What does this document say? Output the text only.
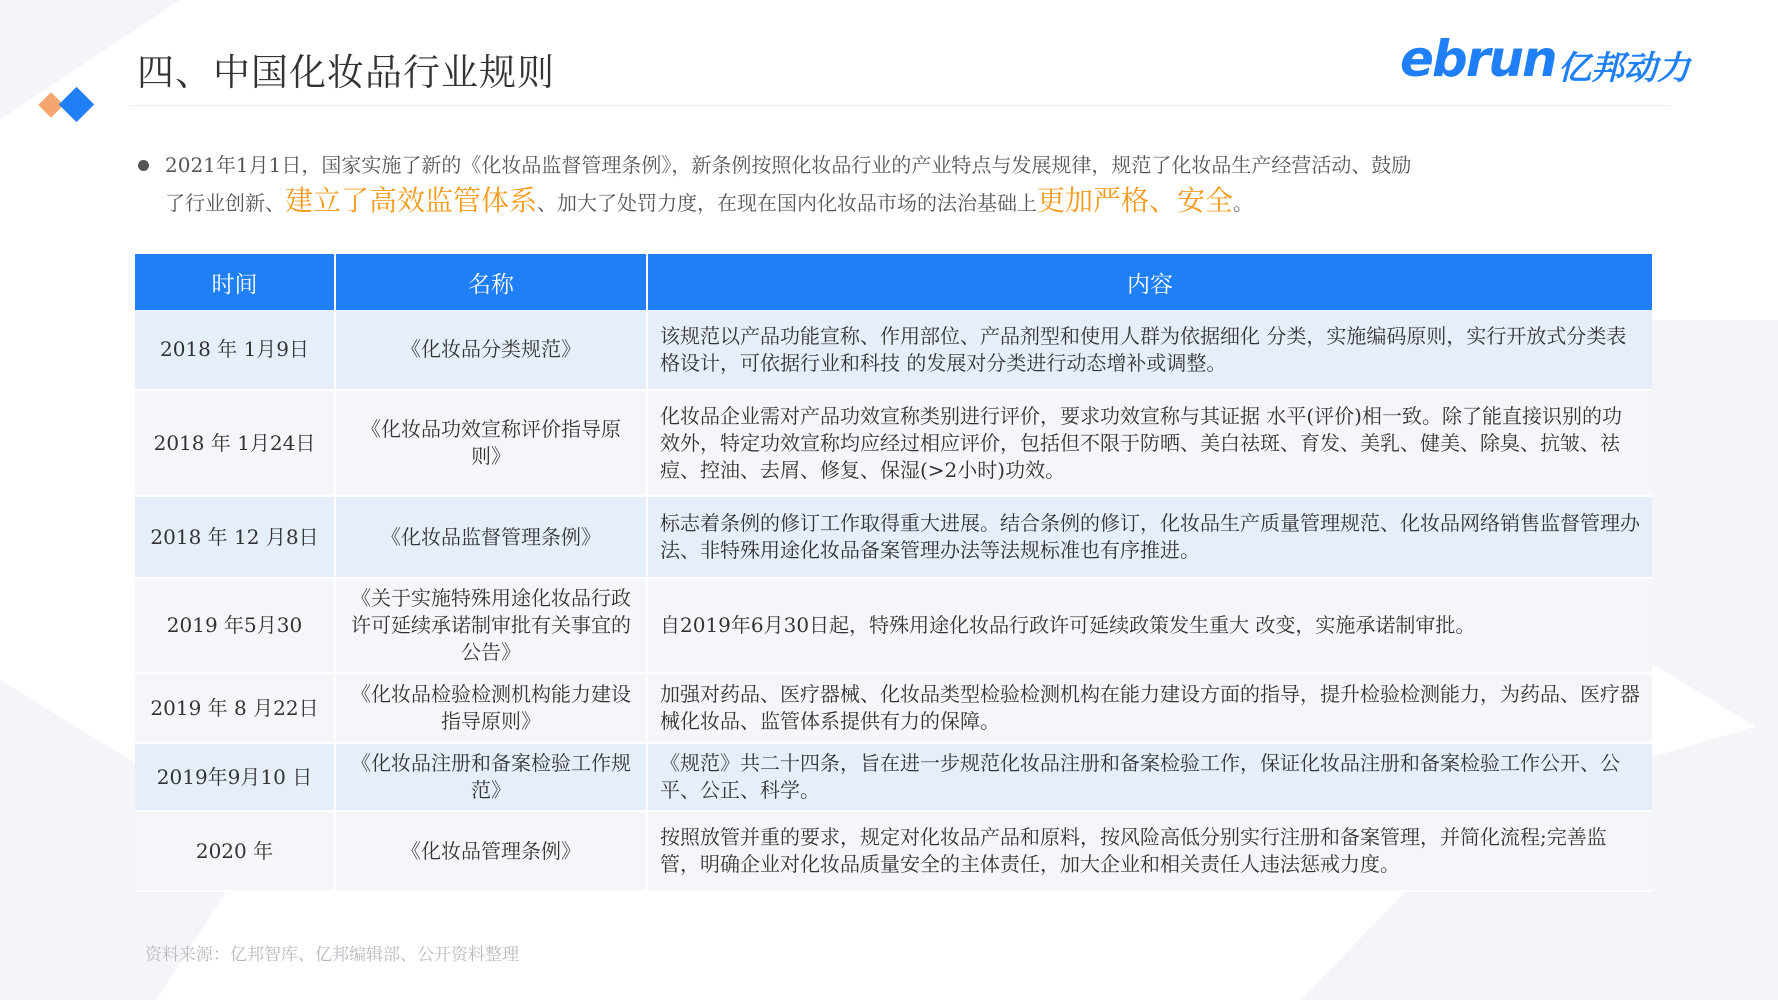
四、中国化妆品行业规则	ebrun 亿邦动力
2021年1月1日，国家实施了新的《化妆品监督管理条例》，新条例按照化妆品行业的产业特点与发展规律，规范了化妆品生产经营活动、鼓励
了行业创新、建立了高效监管体系、加大了处罚力度，在现在国内化妆品市场的法治基础上更加严格、安全。
时间	名称	内容
2018 年 1月9日	《化妆品分类规范》	该规范以产品功能宣称、作用部位、产品剂型和使用人群为依据细化 分类，实施编码原则，实行开放式分类表格设计，可依据行业和科技 的发展对分类进行动态增补或调整。
2018 年 1月24日	《化妆品功效宣称评价指导原则》	化妆品企业需对产品功效宣称类别进行评价，要求功效宣称与其证据 水平(评价)相一致。除了能直接识别的功效外，特定功效宣称均应经过相应评价，包括但不限于防晒、美白祛斑、育发、美乳、健美、除臭、抗皱、祛痘、控油、去屑、修复、保湿(>2小时)功效。
2018 年 12 月8日	《化妆品监督管理条例》	标志着条例的修订工作取得重大进展。结合条例的修订，化妆品生产质量管理规范、化妆品网络销售监督管理办法、非特殊用途化妆品备案管理办法等法规标准也有序推进。
2019 年5月30	《关于实施特殊用途化妆品行政许可延续承诺制审批有关事宜的公告》	自2019年6月30日起，特殊用途化妆品行政许可延续政策发生重大 改变，实施承诺制审批。
2019 年 8 月22日	《化妆品检验检测机构能力建设指导原则》	加强对药品、医疗器械、化妆品类型检验检测机构在能力建设方面的指导，提升检验检测能力，为药品、医疗器械化妆品、监管体系提供有力的保障。
2019年9月10 日	《化妆品注册和备案检验工作规范》	《规范》共二十四条，旨在进一步规范化妆品注册和备案检验工作，保证化妆品注册和备案检验工作公开、公平、公正、科学。
2020 年	《化妆品管理条例》	按照放管并重的要求，规定对化妆品产品和原料，按风险高低分别实行注册和备案管理，并简化流程;完善监管，明确企业对化妆品质量安全的主体责任，加大企业和相关责任人违法惩戒力度。
资料来源：亿邦智库、亿邦编辑部、公开资料整理
